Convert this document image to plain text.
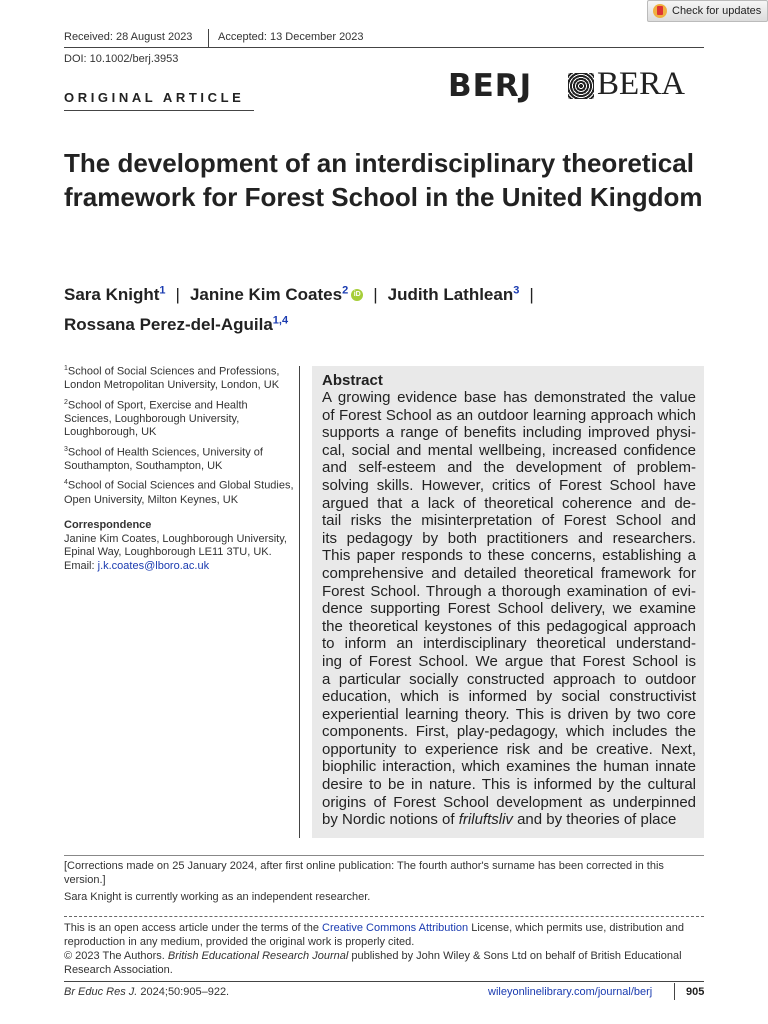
Check for updates
Received: 28 August 2023 Accepted: 13 December 2023
DOI: 10.1002/berj.3953
ORIGINAL ARTICLE	BERJ BERA
The development of an interdisciplinary theoretical framework for Forest School in the United Kingdom
Sara Knight$^1$ | Janine Kim Coates$^2$ iD | Judith Lathlean$^3$ |
Rossana Perez-del-Aguila$^{1,4}$

$^1$School of Social Sciences and Professions, London Metropolitan University, London, UK

$^2$School of Sport, Exercise and Health Sciences, Loughborough University, Loughborough, UK

$^3$School of Health Sciences, University of Southampton, Southampton, UK

$^4$School of Social Sciences and Global Studies, Open University, Milton Keynes, UK

Correspondence
Janine Kim Coates, Loughborough University, Epinal Way, Loughborough LE11 3TU, UK.
Email: j.k.coates@lboro.ac.uk

Abstract
A growing evidence base has demonstrated the value
of Forest School as an outdoor learning approach which
supports a range of benefits including improved physi-
cal, social and mental wellbeing, increased confidence
and self-esteem and the development of problem-
solving skills. However, critics of Forest School have
argued that a lack of theoretical coherence and de-
tail risks the misinterpretation of Forest School and
its pedagogy by both practitioners and researchers.
This paper responds to these concerns, establishing a
comprehensive and detailed theoretical framework for
Forest School. Through a thorough examination of evi-
dence supporting Forest School delivery, we examine
the theoretical keystones of this pedagogical approach
to inform an interdisciplinary theoretical understand-
ing of Forest School. We argue that Forest School is
a particular socially constructed approach to outdoor
education, which is informed by social constructivist
experiential learning theory. This is driven by two core
components. First, play-pedagogy, which includes the
opportunity to experience risk and be creative. Next,
biophilic interaction, which examines the human innate
desire to be in nature. This is informed by the cultural
origins of Forest School development as underpinned
by Nordic notions of friluftsliv and by theories of place
[Corrections made on 25 January 2024, after first online publication: The fourth author's surname has been corrected in this version.]
Sara Knight is currently working as an independent researcher.
This is an open access article under the terms of the Creative Commons Attribution License, which permits use, distribution and reproduction in any medium, provided the original work is properly cited.
© 2023 The Authors. British Educational Research Journal published by John Wiley & Sons Ltd on behalf of British Educational Research Association.
Br Educ Res J. 2024;50:905–922.	wileyonlinelibrary.com/journal/berj	905
